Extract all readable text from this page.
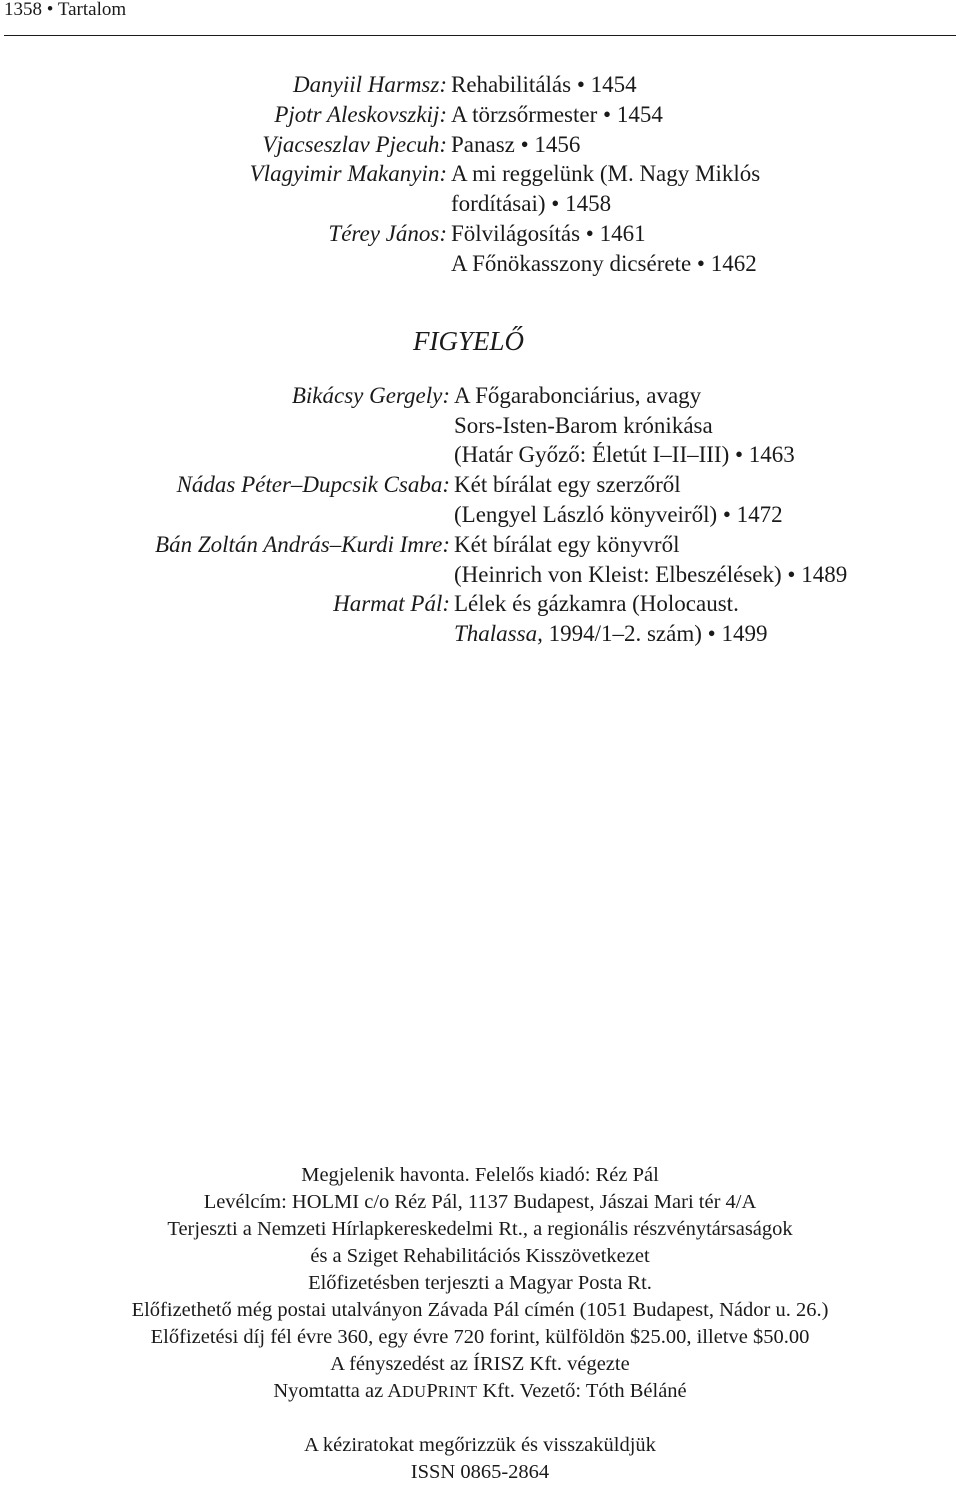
1358 • Tartalom
Danyiil Harmsz: Rehabilitálás • 1454
Pjotr Aleskovszkij: A törzsőrmester • 1454
Vjacseszlav Pjecuh: Panasz • 1456
Vlagyimir Makanyin: A mi reggelünk (M. Nagy Miklós
fordításai) • 1458
Térey János: Fölvilágosítás • 1461
A Főnökasszony dicsérete • 1462
FIGYELŐ
Bikácsy Gergely: A Főgarabonciárius, avagy
Sors-Isten-Barom krónikása
(Határ Győző: Életút I–II–III) • 1463
Nádas Péter–Dupcsik Csaba: Két bírálat egy szerzőről
(Lengyel László könyveiről) • 1472
Bán Zoltán András–Kurdi Imre: Két bírálat egy könyvről
(Heinrich von Kleist: Elbeszélések) • 1489
Harmat Pál: Lélek és gázkamra (Holocaust.
Thalassa, 1994/1–2. szám) • 1499
Megjelenik havonta. Felelős kiadó: Réz Pál
Levélcím: HOLMI c/o Réz Pál, 1137 Budapest, Jászai Mari tér 4/A
Terjeszti a Nemzeti Hírlapkereskedelmi Rt., a regionális részvénytársaságok
és a Sziget Rehabilitációs Kisszövetkezet
Előfizetésben terjeszti a Magyar Posta Rt.
Előfizethető még postai utalványon Závada Pál címén (1051 Budapest, Nádor u. 26.)
Előfizetési díj fél évre 360, egy évre 720 forint, külföldön $25.00, illetve $50.00
A fényszedést az ÍRISZ Kft. végezte
Nyomtatta az ADUPRINT Kft. Vezető: Tóth Béláné
A kéziratokat megőrizzük és visszaküldjük
ISSN 0865-2864
